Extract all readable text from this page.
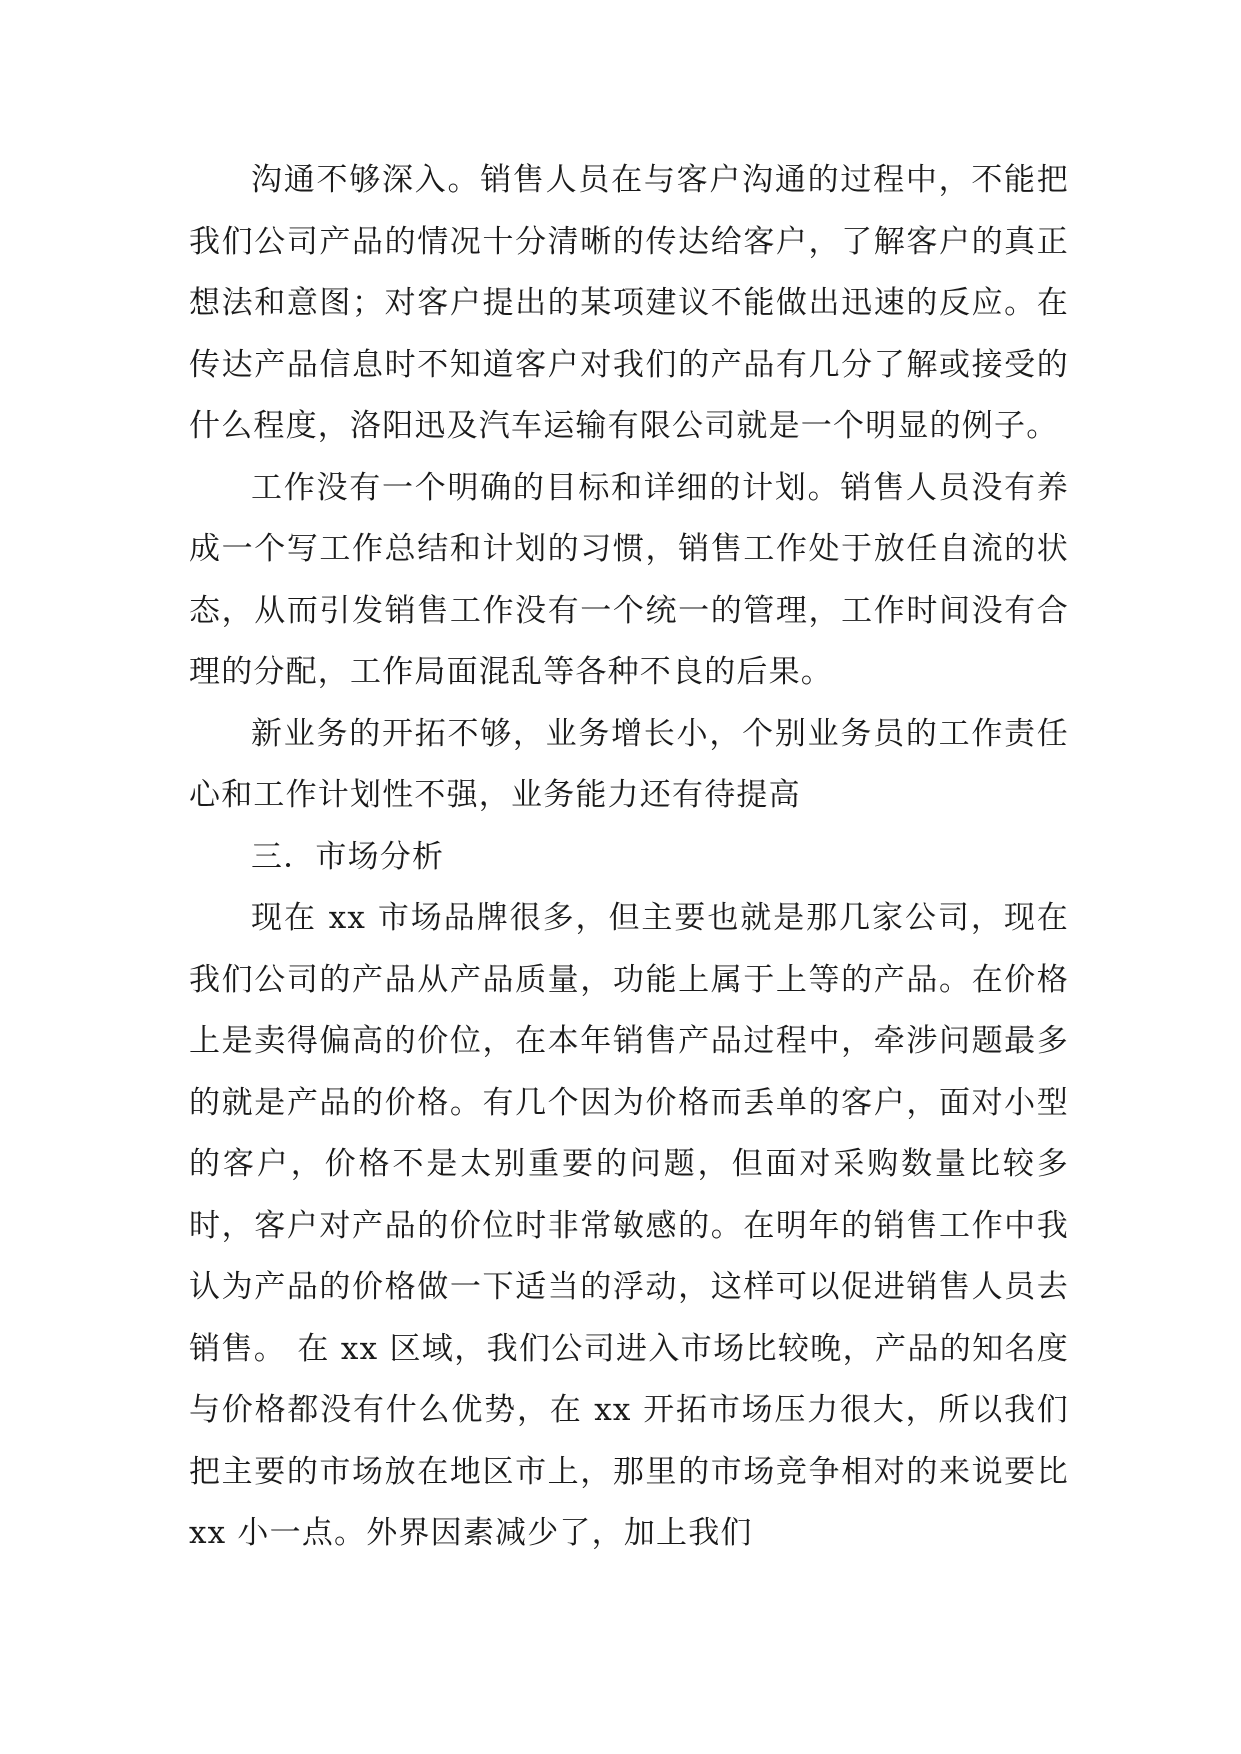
沟通不够深入。销售人员在与客户沟通的过程中，不能把我们公司产品的情况十分清晰的传达给客户，了解客户的真正想法和意图；对客户提出的某项建议不能做出迅速的反应。在传达产品信息时不知道客户对我们的产品有几分了解或接受的什么程度，洛阳迅及汽车运输有限公司就是一个明显的例子。

工作没有一个明确的目标和详细的计划。销售人员没有养成一个写工作总结和计划的习惯，销售工作处于放任自流的状态，从而引发销售工作没有一个统一的管理，工作时间没有合理的分配，工作局面混乱等各种不良的后果。

新业务的开拓不够，业务增长小，个别业务员的工作责任心和工作计划性不强，业务能力还有待提高

三．市场分析

现在 xx 市场品牌很多，但主要也就是那几家公司，现在我们公司的产品从产品质量，功能上属于上等的产品。在价格上是卖得偏高的价位，在本年销售产品过程中，牵涉问题最多的就是产品的价格。有几个因为价格而丢单的客户，面对小型的客户，价格不是太别重要的问题，但面对采购数量比较多时，客户对产品的价位时非常敏感的。在明年的销售工作中我认为产品的价格做一下适当的浮动，这样可以促进销售人员去销售。 在 xx 区域，我们公司进入市场比较晚，产品的知名度与价格都没有什么优势，在 xx 开拓市场压力很大，所以我们把主要的市场放在地区市上，那里的市场竞争相对的来说要比 xx 小一点。外界因素减少了，加上我们
